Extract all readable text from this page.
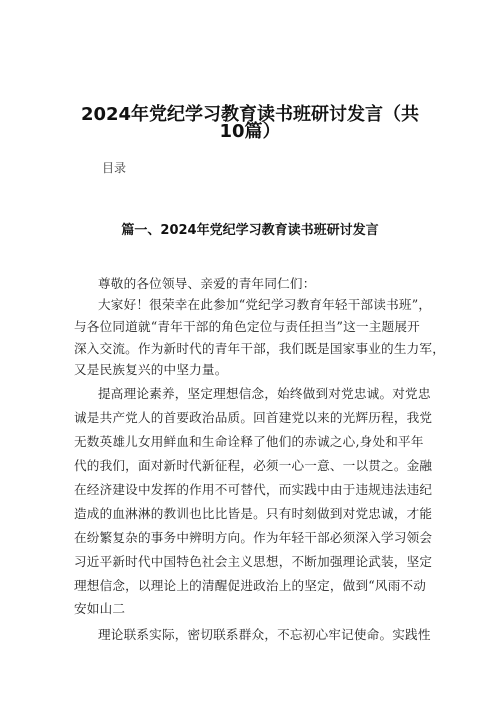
2024年党纪学习教育读书班研讨发言（共
10篇）
目录
篇一、2024年党纪学习教育读书班研讨发言
尊敬的各位领导、亲爱的青年同仁们：
大家好！很荣幸在此参加“党纪学习教育年轻干部读书班”，
与各位同道就“青年干部的角色定位与责任担当”这一主题展开
深入交流。作为新时代的青年干部，我们既是国家事业的生力军，
又是民族复兴的中坚力量。
提高理论素养，坚定理想信念，始终做到对党忠诚。对党忠
诚是共产党人的首要政治品质。回首建党以来的光辉历程，我党
无数英雄儿女用鲜血和生命诠释了他们的赤诚之心,身处和平年
代的我们，面对新时代新征程，必须一心一意、一以贯之。金融
在经济建设中发挥的作用不可替代，而实践中由于违规违法违纪
造成的血淋淋的教训也比比皆是。只有时刻做到对党忠诚，才能
在纷繁复杂的事务中辨明方向。作为年轻干部必须深入学习领会
习近平新时代中国特色社会主义思想，不断加强理论武装，坚定
理想信念，以理论上的清醒促进政治上的坚定，做到“风雨不动
安如山二
理论联系实际，密切联系群众，不忘初心牢记使命。实践性
